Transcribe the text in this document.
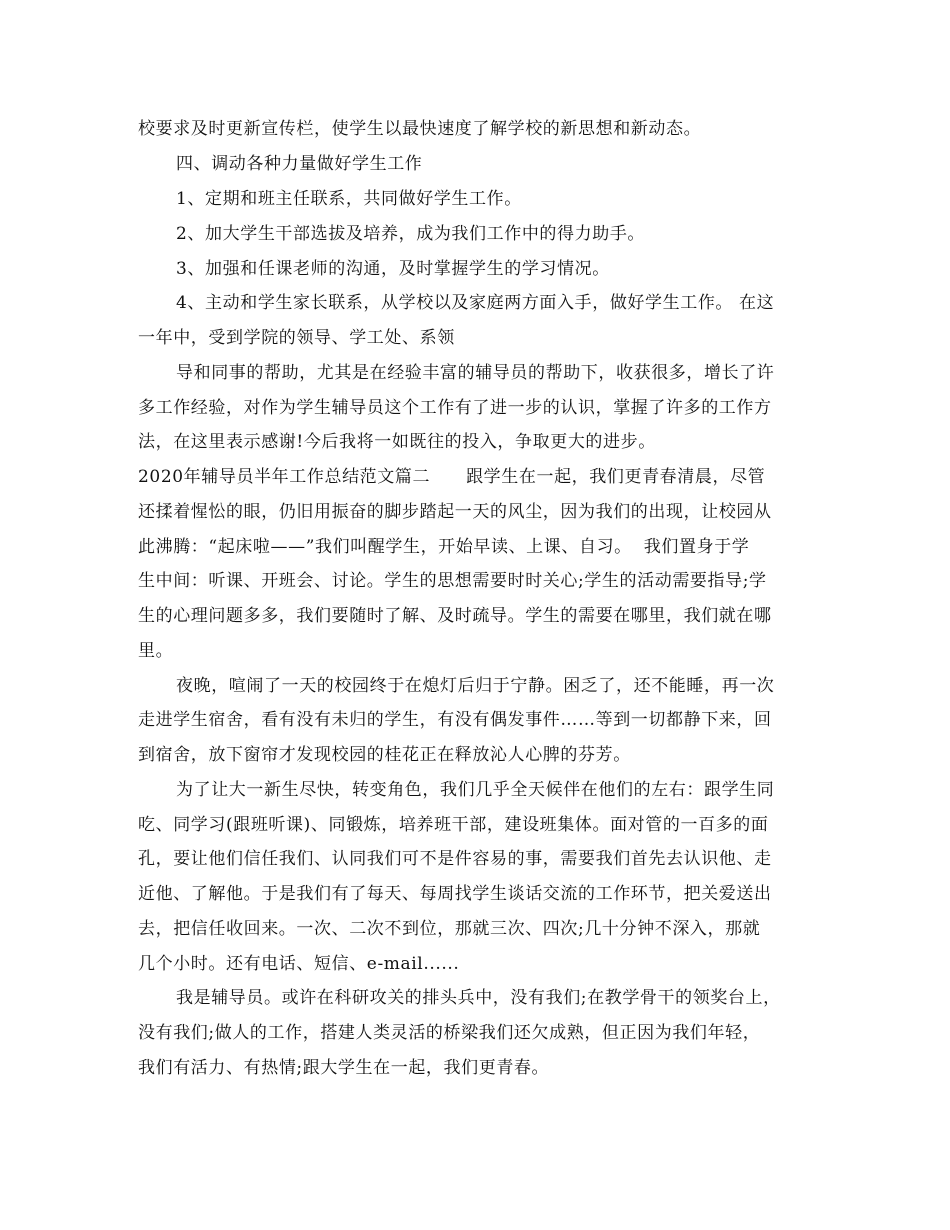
校要求及时更新宣传栏，使学生以最快速度了解学校的新思想和新动态。
四、调动各种力量做好学生工作
1、定期和班主任联系，共同做好学生工作。
2、加大学生干部选拔及培养，成为我们工作中的得力助手。
3、加强和任课老师的沟通，及时掌握学生的学习情况。
4、主动和学生家长联系，从学校以及家庭两方面入手，做好学生工作。 在这
一年中，受到学院的领导、学工处、系领
导和同事的帮助，尤其是在经验丰富的辅导员的帮助下，收获很多，增长了许
多工作经验，对作为学生辅导员这个工作有了进一步的认识，掌握了许多的工作方
法，在这里表示感谢!今后我将一如既往的投入，争取更大的进步。
2020年辅导员半年工作总结范文篇二      跟学生在一起，我们更青春清晨，尽管
还揉着惺忪的眼，仍旧用振奋的脚步踏起一天的风尘，因为我们的出现，让校园从
此沸腾：“起床啦——”我们叫醒学生，开始早读、上课、自习。  我们置身于学
生中间：听课、开班会、讨论。学生的思想需要时时关心;学生的活动需要指导;学
生的心理问题多多，我们要随时了解、及时疏导。学生的需要在哪里，我们就在哪
里。
夜晚，喧闹了一天的校园终于在熄灯后归于宁静。困乏了，还不能睡，再一次
走进学生宿舍，看有没有未归的学生，有没有偶发事件……等到一切都静下来，回
到宿舍，放下窗帘才发现校园的桂花正在释放沁人心脾的芬芳。
为了让大一新生尽快，转变角色，我们几乎全天候伴在他们的左右：跟学生同
吃、同学习(跟班听课)、同锻炼，培养班干部，建设班集体。面对管的一百多的面
孔，要让他们信任我们、认同我们可不是件容易的事，需要我们首先去认识他、走
近他、了解他。于是我们有了每天、每周找学生谈话交流的工作环节，把关爱送出
去，把信任收回来。一次、二次不到位，那就三次、四次;几十分钟不深入，那就
几个小时。还有电话、短信、e-mail......
我是辅导员。或许在科研攻关的排头兵中，没有我们;在教学骨干的领奖台上，
没有我们;做人的工作，搭建人类灵活的桥梁我们还欠成熟，但正因为我们年轻，
我们有活力、有热情;跟大学生在一起，我们更青春。
